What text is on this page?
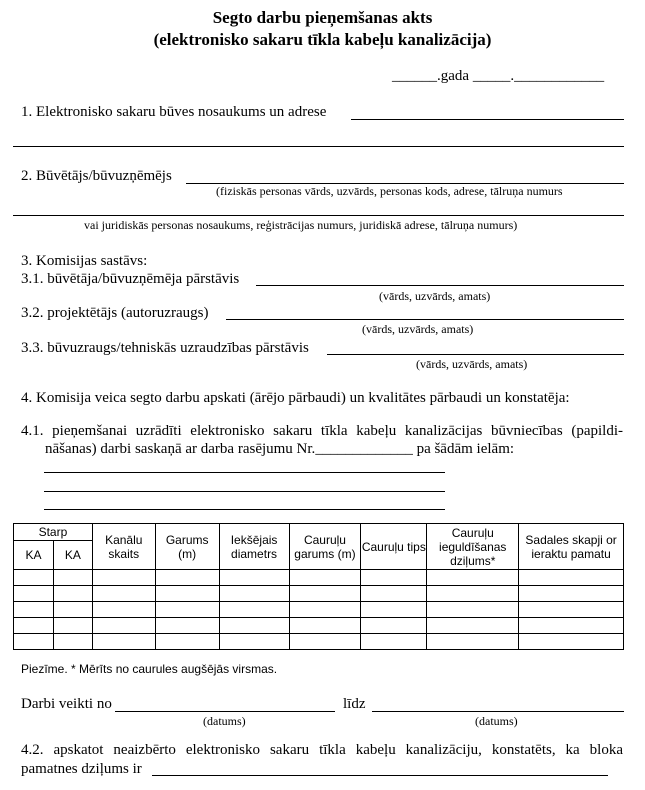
Segto darbu pieņemšanas akts
(elektronisko sakaru tīkla kabeļu kanalizācija)
______.gada _____.____________
1. Elektronisko sakaru būves nosaukums un adrese
2. Būvētājs/būvuzņēmējs
(fiziskās personas vārds, uzvārds, personas kods, adrese, tālruņa numurs
vai juridiskās personas nosaukums, reģistrācijas numurs, juridiskā adrese, tālruņa numurs)
3. Komisijas sastāvs:
3.1. būvētāja/būvuzņēmēja pārstāvis
(vārds, uzvārds, amats)
3.2. projektētājs (autoruzraugs)
(vārds, uzvārds, amats)
3.3. būvuzraugs/tehniskās uzraudzības pārstāvis
(vārds, uzvārds, amats)
4. Komisija veica segto darbu apskati (ārējo pārbaudi) un kvalitātes pārbaudi un konstatēja:
4.1. pieņemšanai uzrādīti elektronisko sakaru tīkla kabeļu kanalizācijas būvniecības (papildi-
nāšanas) darbi saskaņā ar darba rasējumu Nr._____________ pa šādām ielām:
Starp		Kanālu skaits	Garums (m)	Iekšējais diametrs	Cauruļu garums (m)	Cauruļu tips	Cauruļu ieguldīšanas dziļums*	Sadales skapji or ieraktu pamatu
KA	KA							

Piezīme. * Mērīts no caurules augšējās virsmas.
Darbi veikti no	līdz
(datums)	(datums)
4.2. apskatot neaizbērto elektronisko sakaru tīkla kabeļu kanalizāciju, konstatēts, ka bloka
pamatnes dziļums ir
